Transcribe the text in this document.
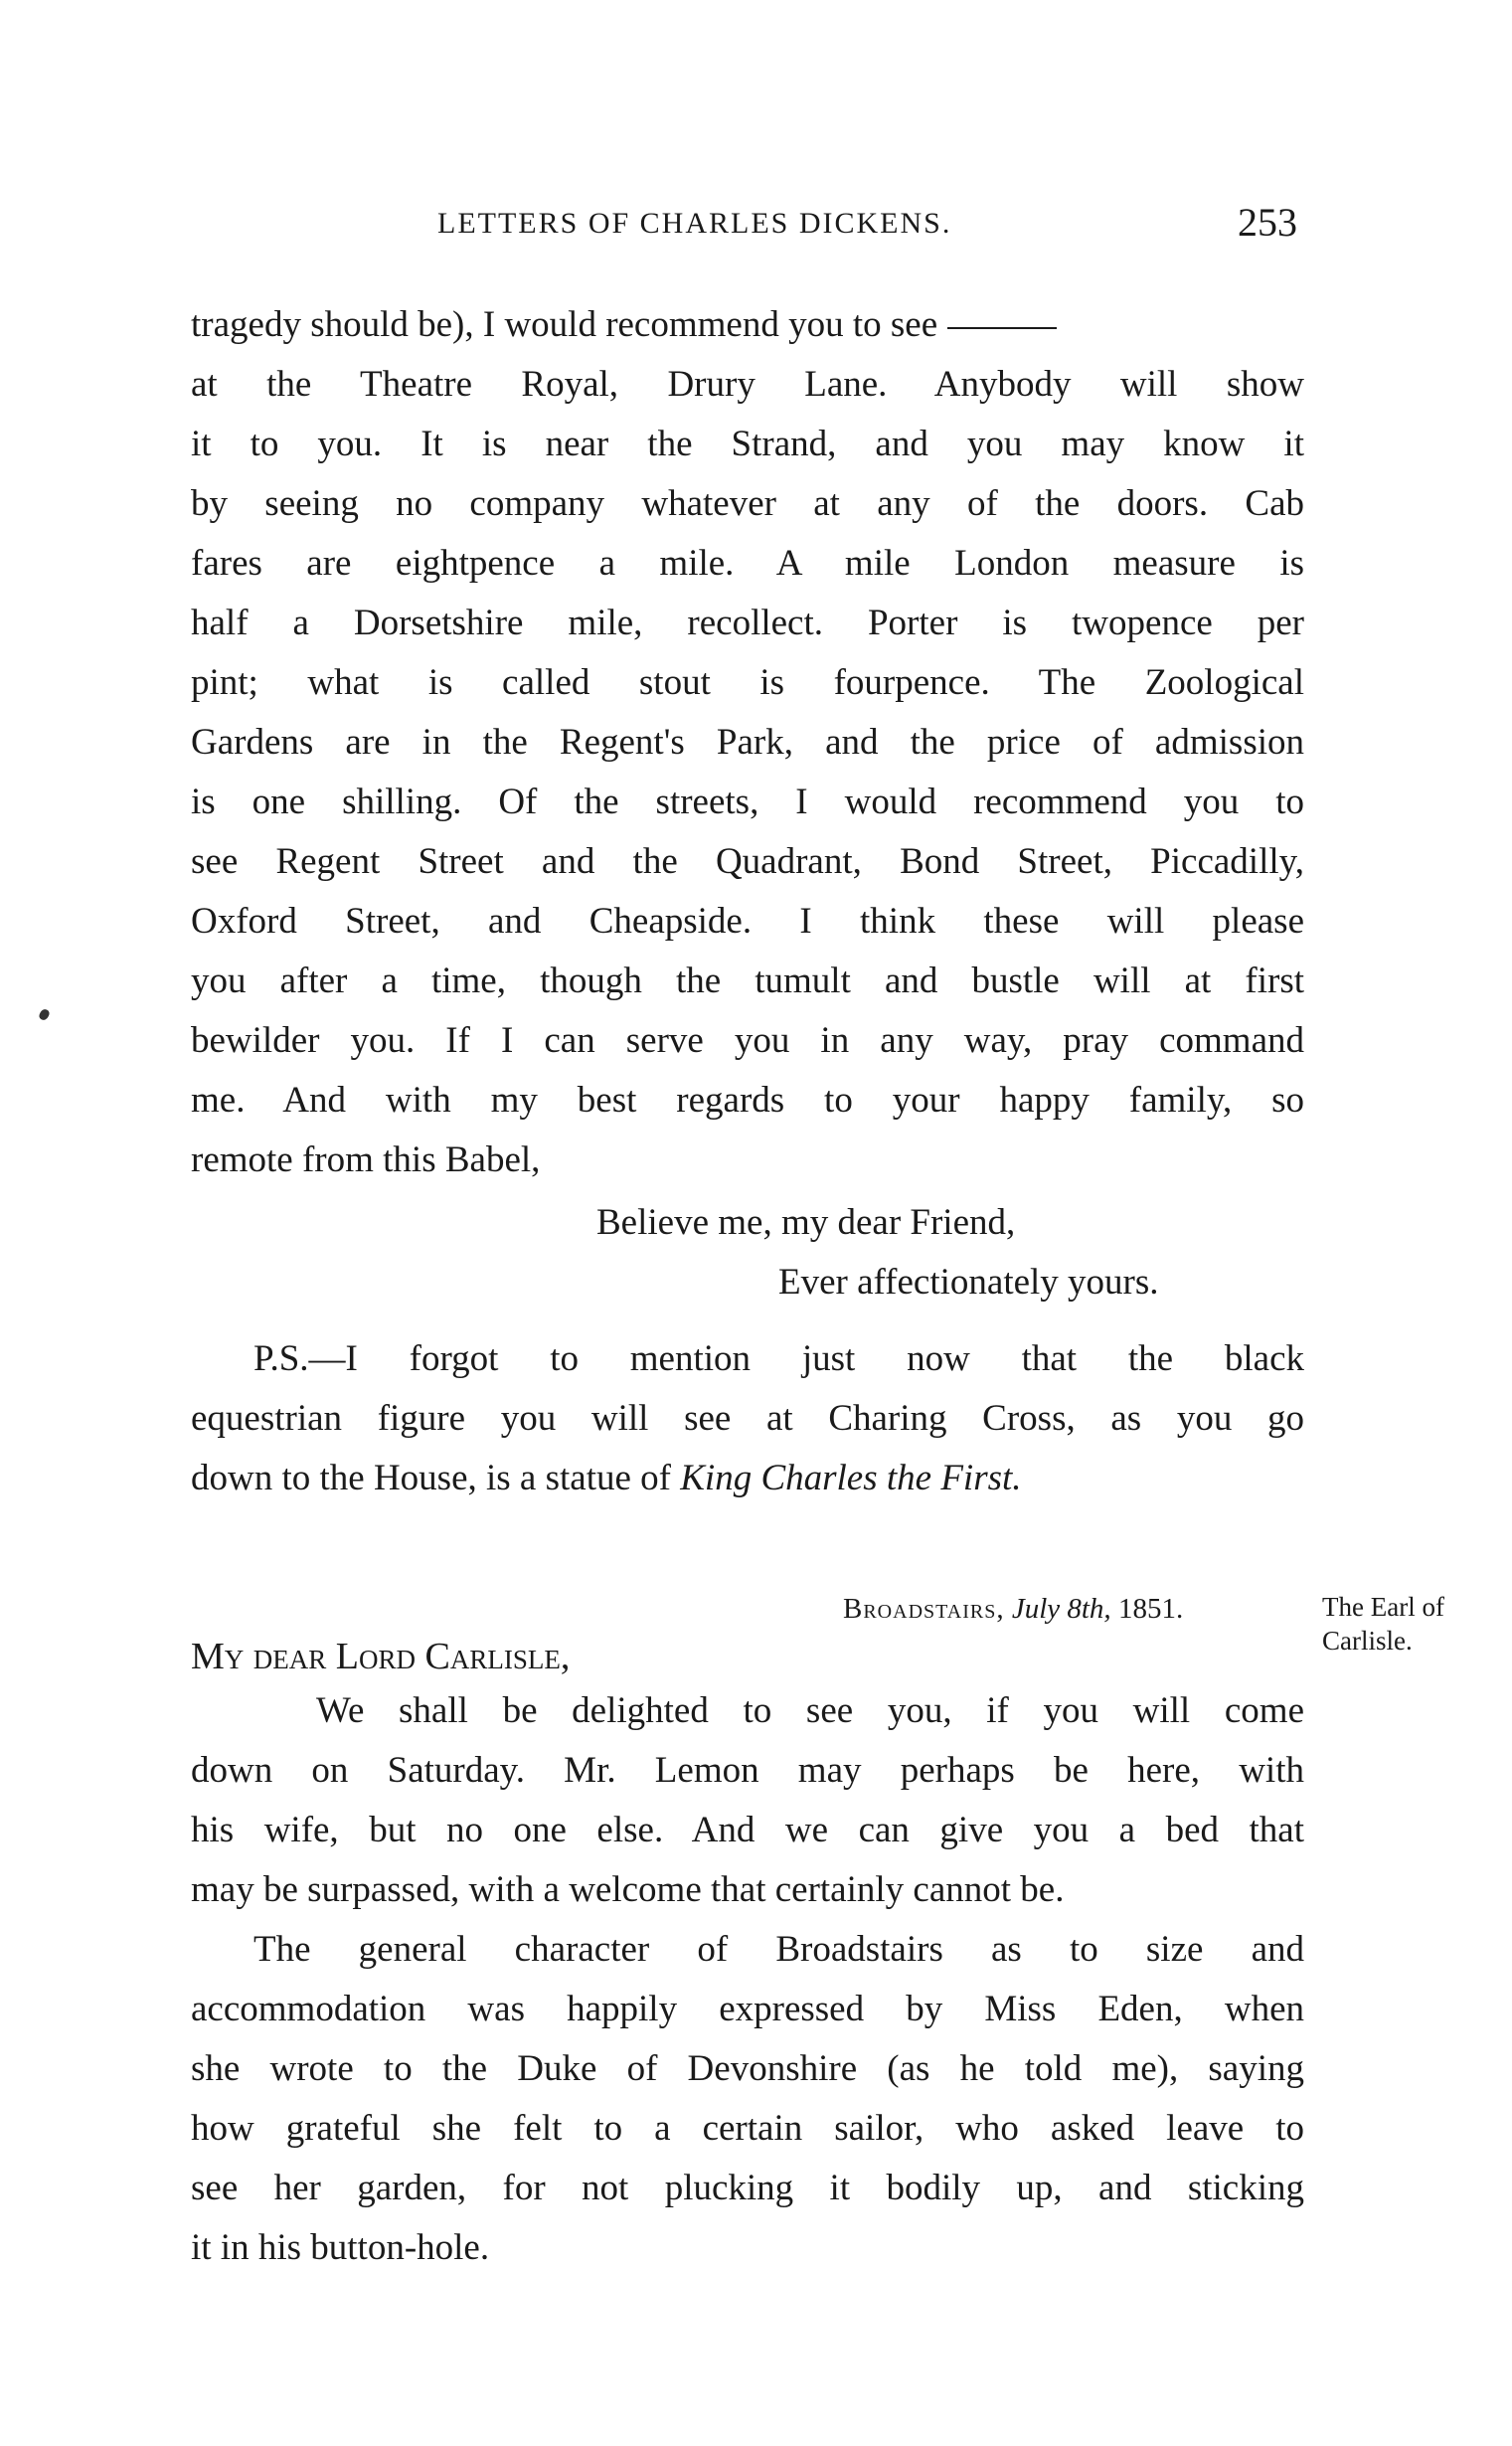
LETTERS OF CHARLES DICKENS.	253
tragedy should be), I would recommend you to see
at the Theatre Royal, Drury Lane. Anybody will show
it to you. It is near the Strand, and you may know it
by seeing no company whatever at any of the doors. Cab
fares are eightpence a mile. A mile London measure is
half a Dorsetshire mile, recollect. Porter is twopence per
pint; what is called stout is fourpence. The Zoological
Gardens are in the Regent's Park, and the price of admission
is one shilling. Of the streets, I would recommend you to
see Regent Street and the Quadrant, Bond Street, Piccadilly,
Oxford Street, and Cheapside. I think these will please
you after a time, though the tumult and bustle will at first
bewilder you. If I can serve you in any way, pray command
me. And with my best regards to your happy family, so
remote from this Babel,
Believe me, my dear Friend,
Ever affectionately yours.
P.S.—I forgot to mention just now that the black
equestrian figure you will see at Charing Cross, as you go
down to the House, is a statue of King Charles the First.
Broadstairs, July 8th, 1851.	The Earl of
Carlisle.
My dear Lord Carlisle,
We shall be delighted to see you, if you will come
down on Saturday. Mr. Lemon may perhaps be here, with
his wife, but no one else. And we can give you a bed that
may be surpassed, with a welcome that certainly cannot be.
The general character of Broadstairs as to size and
accommodation was happily expressed by Miss Eden, when
she wrote to the Duke of Devonshire (as he told me), saying
how grateful she felt to a certain sailor, who asked leave to
see her garden, for not plucking it bodily up, and sticking
it in his button-hole.
